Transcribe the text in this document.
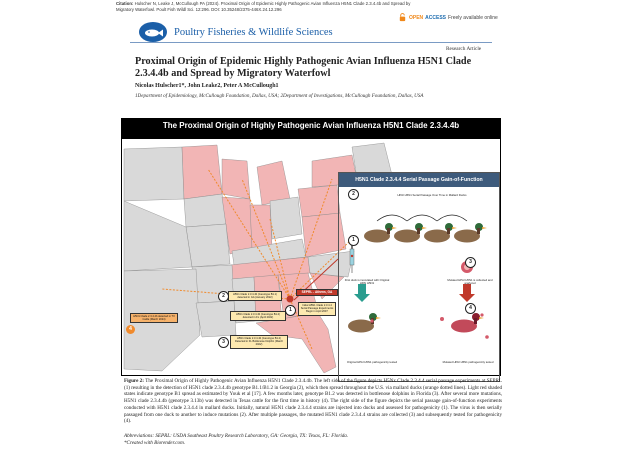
Citation: Hulscher N, Leake J, McCullough PA (2024). Proximal Origin of Epidemic Highly Pathogenic Avian Influenza H5N1 Clade 2.3.4.4b and Spread by Migratory Waterfowl. Poult Fish Wildl Sci. 12:296. DOI: 10.35248/2375-446X.24.12.296
OPEN ACCESS Freely available online
Poultry Fisheries & Wildlife Sciences
Research Article
Proximal Origin of Epidemic Highly Pathogenic Avian Influenza H5N1 Clade 2.3.4.4b and Spread by Migratory Waterfowl
Nicolas Hulscher1*, John Leake2, Peter A McCullough1
1Department of Epidemiology, McCullough Foundation, Dallas, USA; 2Department of Investigations, McCullough Foundation, Dallas, USA
The Proximal Origin of Highly Pathogenic Avian Influenza H5N1 Clade 2.3.4.4b
H5N1 Clade 2.3.4.4 Serial Passage Gain-of-Function
HPAI H5N1 Serial Passage Over Time in Mallard Ducks
First duck is inoculated with Original HPAI H5N1
Mutated HPAI H5N1 is collected and analyzed
Original HPAI H5N1 pathogenicity tested	Mutated HPAI H5N1 pathogenicity tested
1
2
3
4
H5N1 Clade 2.3.4.4b (Genotype B1.1) detected in GA (January 2022)
H5N1 Clade 2.3.4.4b (Genotype B1.2) detected in FL (April 2022)
H5N1 Clade 2.3.4.4b detected in TX Cattle (March 2024)
H5N1 Clade 2.3.4.4b (Genotype B1.2) Detected in FL Bottlenose Dolphin (March 2022)
Initial H5N1 Clade 2.3.4.4 Serial Passage Experiments Begin in April 2007
SEPRL - Athens, GA
1
2
3
4
Figure 2: The Proximal Origin of Highly Pathogenic Avian Influenza H5N1 Clade 2.3.4.4b. The left side of the figure depicts H5Nx Clade 2.3.4.4 serial passage experiments at SEPRL (1) resulting in the detection of H5N1 clade 2.3.4.4b genotype B1.1/B1.2 in Georgia (2), which then spread throughout the U.S. via mallard ducks (orange dotted lines). Light red shaded states indicate genotype B1 spread as estimated by Youk et al [17]. A few months later, genotype B1.2 was detected in bottlenose dolphins in Florida (3). After several more mutations, H5N1 clade 2.3.4.4b (genotype 3.13b) was detected in Texas cattle for the first time in history (4). The right side of the figure depicts the serial passage gain-of-function experiments conducted with H5N1 clade 2.3.4.4 in mallard ducks. Initially, natural H5N1 clade 2.3.4.4 strains are injected into ducks and assessed for pathogenicity (1). The virus is then serially passaged from one duck to another to induce mutations (2). After multiple passages, the mutated H5N1 clade 2.3.4.4 strains are collected (3) and subsequently tested for pathogenicity (4).
Abbreviations: SEPRL: USDA Southeast Poultry Research Laboratory, GA: Georgia, TX: Texas, FL: Florida.
*Created with Biorender.com.
